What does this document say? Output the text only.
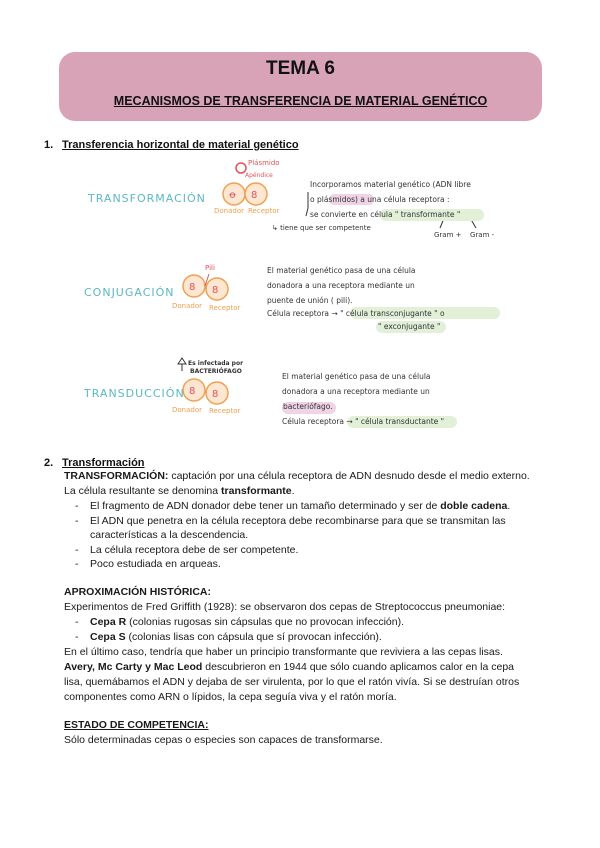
TEMA 6
MECANISMOS DE TRANSFERENCIA DE MATERIAL GENÉTICO
1. Transferencia horizontal de material genético
ꝋ 8
8 8
8 8
TRANSFORMACIÓN
Plásmido
Apéndice
Donador Receptor
Incorporamos material genético (ADN libre
o plásmidos) a una célula receptora :
se convierte en célula " transformante "
↳ tiene que ser competente
Gram + Gram -
CONJUGACIÓN
Pili
Donador Receptor
El material genético pasa de una célula
donadora a una receptora mediante un
puente de unión ( pili).
Célula receptora → " célula transconjugante " o
" exconjugante "
TRANSDUCCIÓN
Es infectada por
BACTERIÓFAGO
Donador Receptor
El material genético pasa de una célula
donadora a una receptora mediante un
bacteriófago.
Célula receptora → " célula transductante "
2. Transformación
TRANSFORMACIÓN: captación por una célula receptora de ADN desnudo desde el medio externo.
La célula resultante se denomina transformante.
- El fragmento de ADN donador debe tener un tamaño determinado y ser de doble cadena.
- El ADN que penetra en la célula receptora debe recombinarse para que se transmitan las
características a la descendencia.
- La célula receptora debe de ser competente.
- Poco estudiada en arqueas.
APROXIMACIÓN HISTÓRICA:
Experimentos de Fred Griffith (1928): se observaron dos cepas de Streptococcus pneumoniae:
- Cepa R (colonias rugosas sin cápsulas que no provocan infección).
- Cepa S (colonias lisas con cápsula que sí provocan infección).
En el último caso, tendría que haber un principio transformante que reviviera a las cepas lisas.
Avery, Mc Carty y Mac Leod descubrieron en 1944 que sólo cuando aplicamos calor en la cepa
lisa, quemábamos el ADN y dejaba de ser virulenta, por lo que el ratón vivía. Si se destruían otros
componentes como ARN o lípidos, la cepa seguía viva y el ratón moría.
ESTADO DE COMPETENCIA:
Sólo determinadas cepas o especies son capaces de transformarse.
